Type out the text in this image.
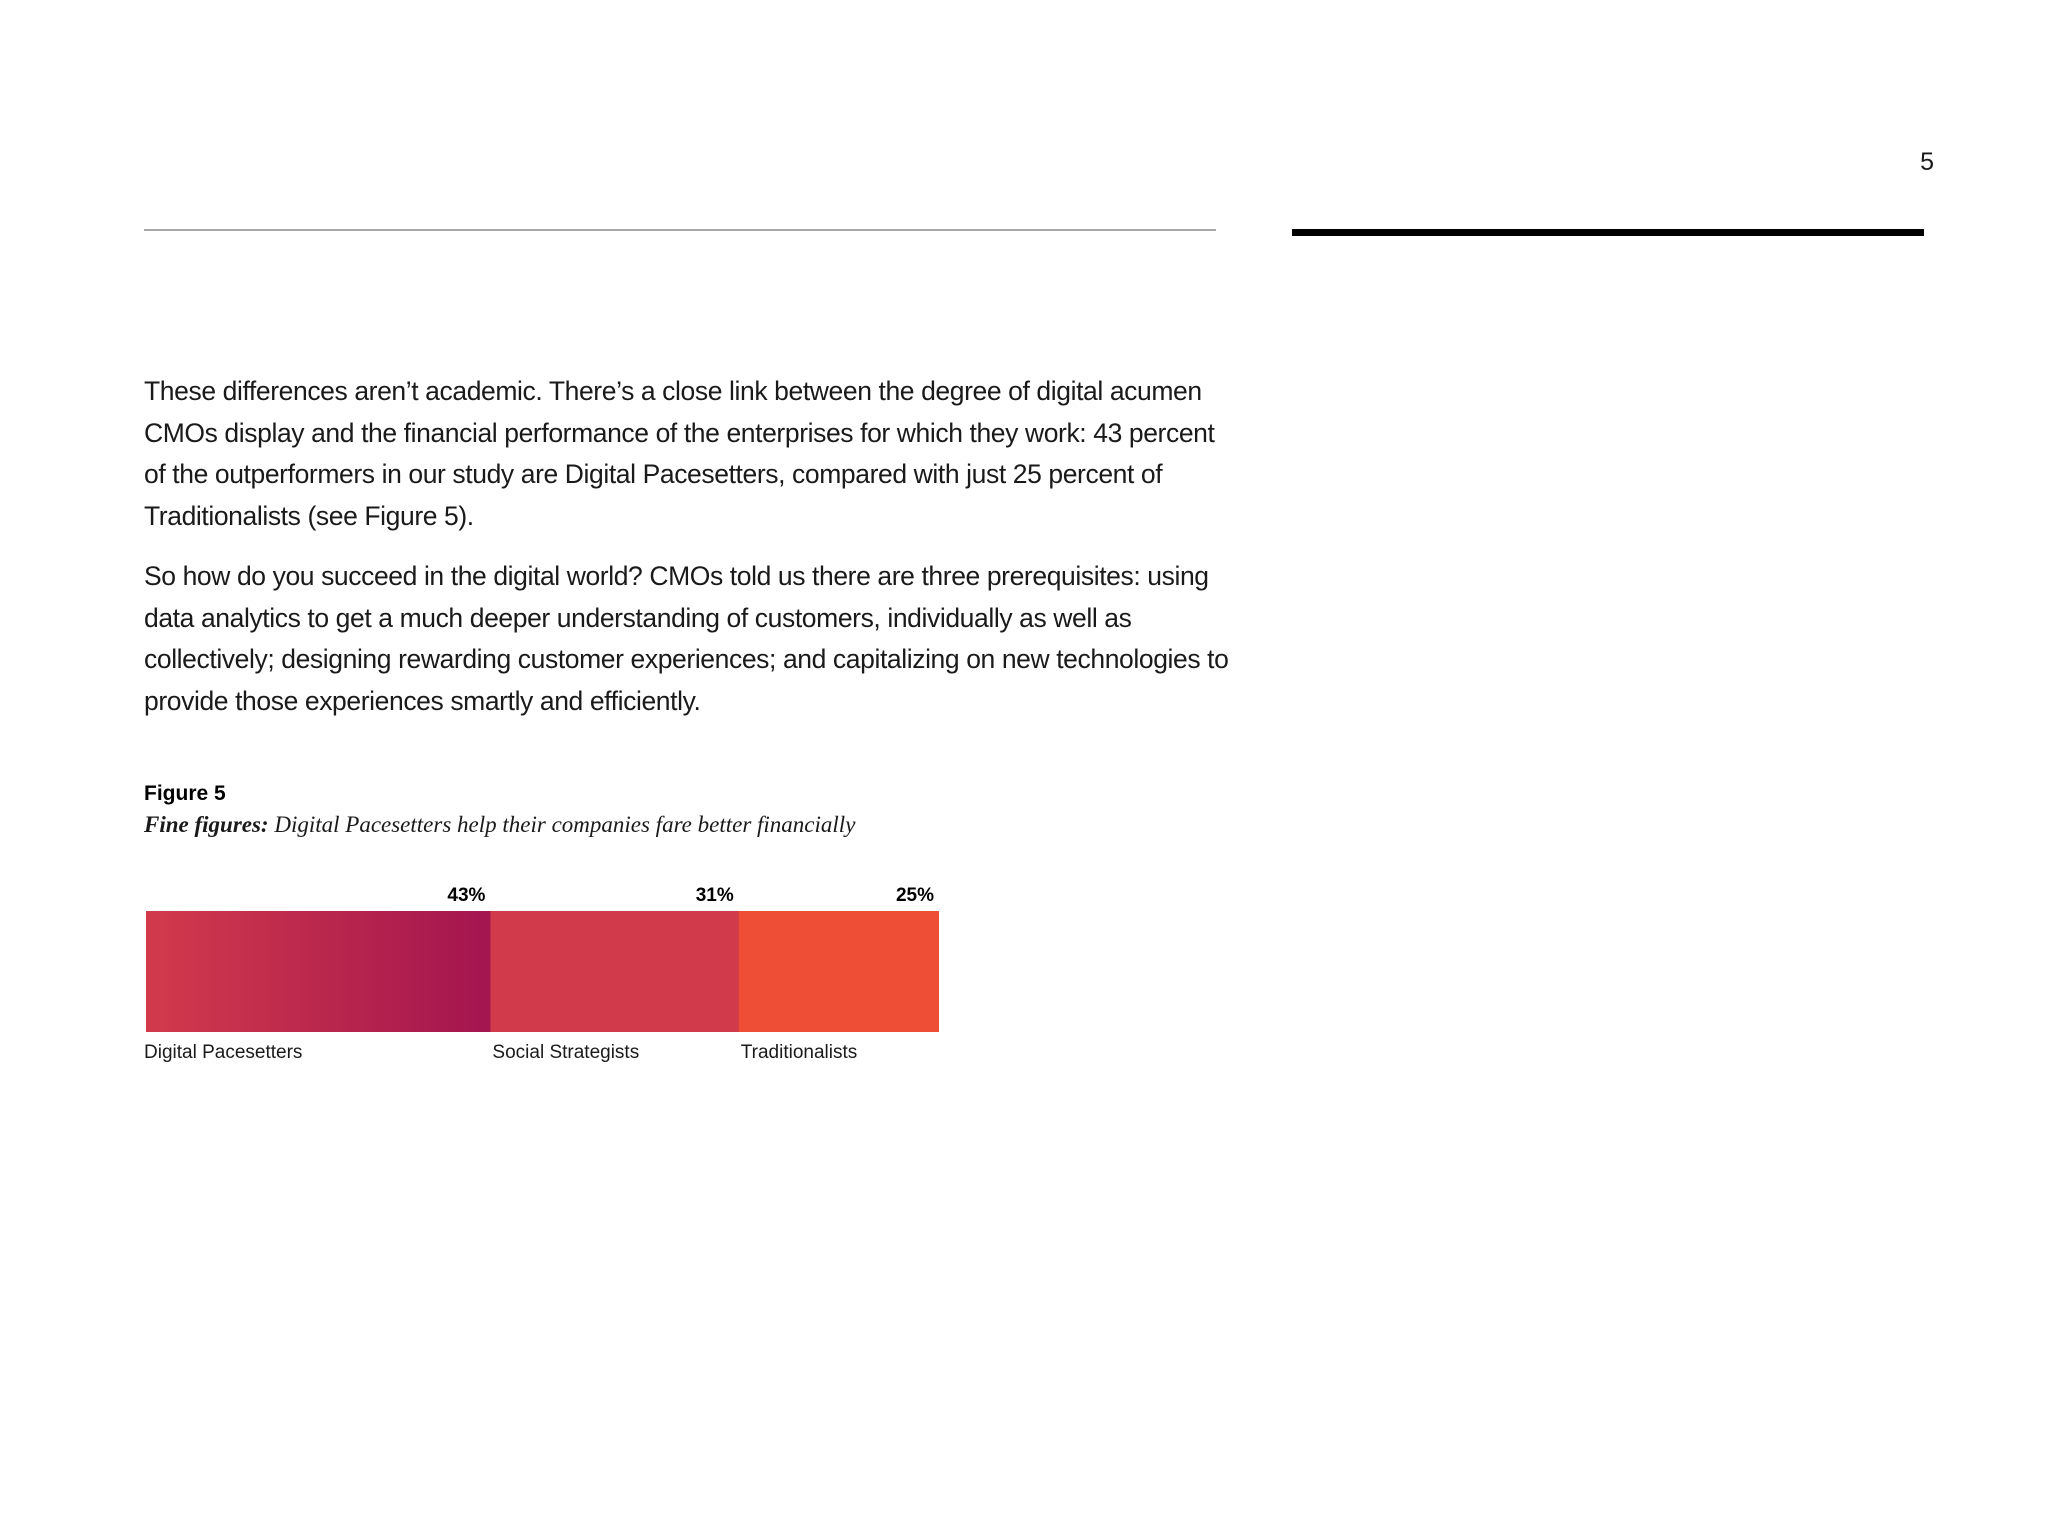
5

These differences aren’t academic. There’s a close link between the degree of digital acumen CMOs display and the financial performance of the enterprises for which they work: 43 percent of the outperformers in our study are Digital Pacesetters, compared with just 25 percent of Traditionalists (see Figure 5).

So how do you succeed in the digital world? CMOs told us there are three prerequisites: using data analytics to get a much deeper understanding of customers, individually as well as collectively; designing rewarding customer experiences; and capitalizing on new technologies to provide those experiences smartly and efficiently.

Figure 5
Fine figures: Digital Pacesetters help their companies fare better financially
43%
Digital Pacesetters
31%
Social Strategists
25%
Traditionalists
